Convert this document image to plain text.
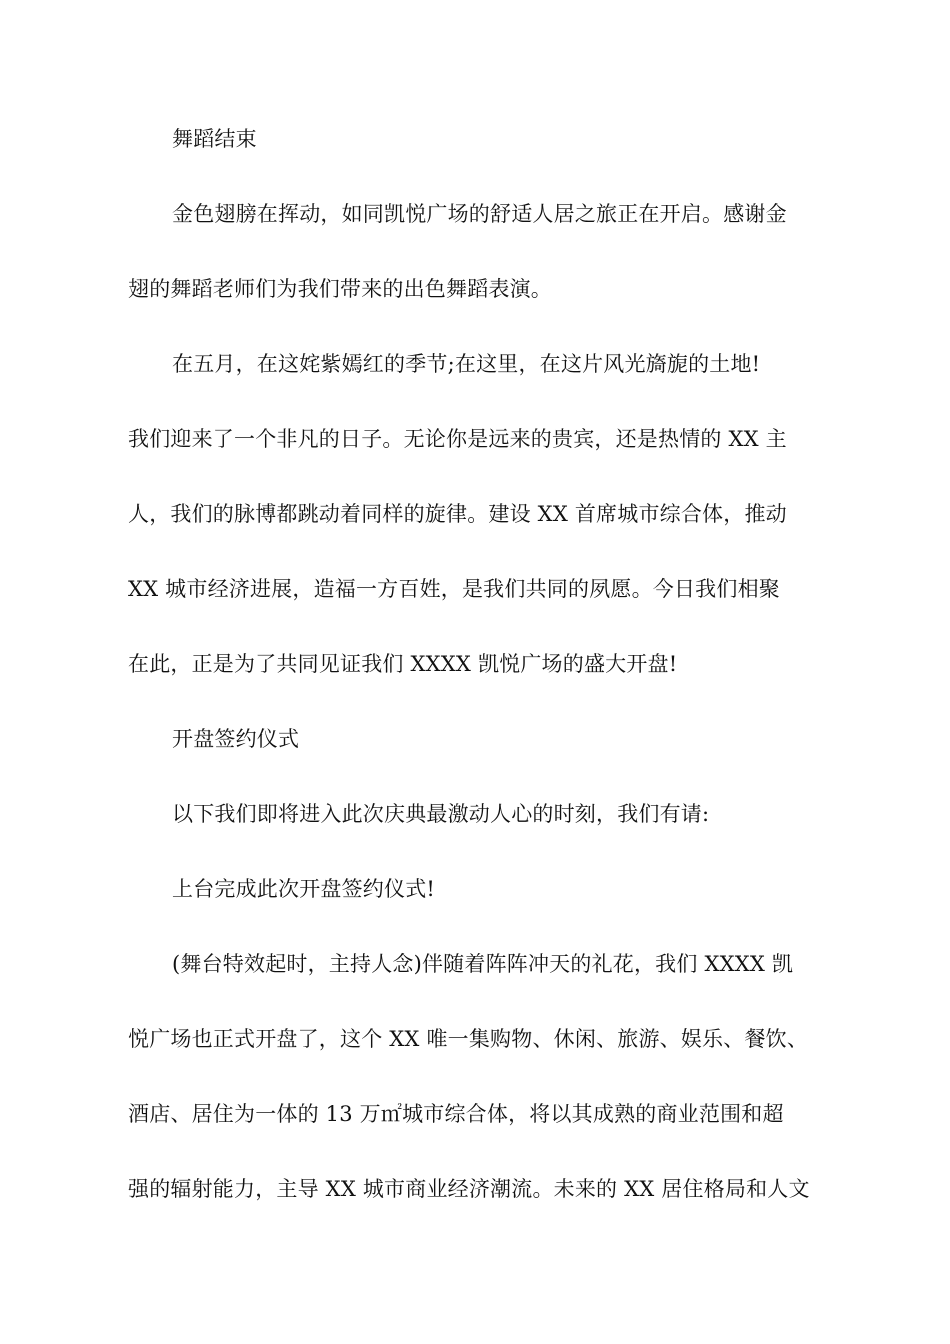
舞蹈结束

金色翅膀在挥动，如同凯悦广场的舒适人居之旅正在开启。感谢金

翅的舞蹈老师们为我们带来的出色舞蹈表演。

在五月，在这姹紫嫣红的季节;在这里，在这片风光旖旎的土地!

我们迎来了一个非凡的日子。无论你是远来的贵宾，还是热情的 XX 主

人，我们的脉博都跳动着同样的旋律。建设 XX 首席城市综合体，推动

XX 城市经济进展，造福一方百姓，是我们共同的夙愿。今日我们相聚

在此，正是为了共同见证我们 XXXX 凯悦广场的盛大开盘!

开盘签约仪式

以下我们即将进入此次庆典最激动人心的时刻，我们有请:

上台完成此次开盘签约仪式!

(舞台特效起时，主持人念)伴随着阵阵冲天的礼花，我们 XXXX 凯

悦广场也正式开盘了，这个 XX 唯一集购物、休闲、旅游、娱乐、餐饮、

酒店、居住为一体的 13 万㎡城市综合体，将以其成熟的商业范围和超

强的辐射能力，主导 XX 城市商业经济潮流。未来的 XX 居住格局和人文
